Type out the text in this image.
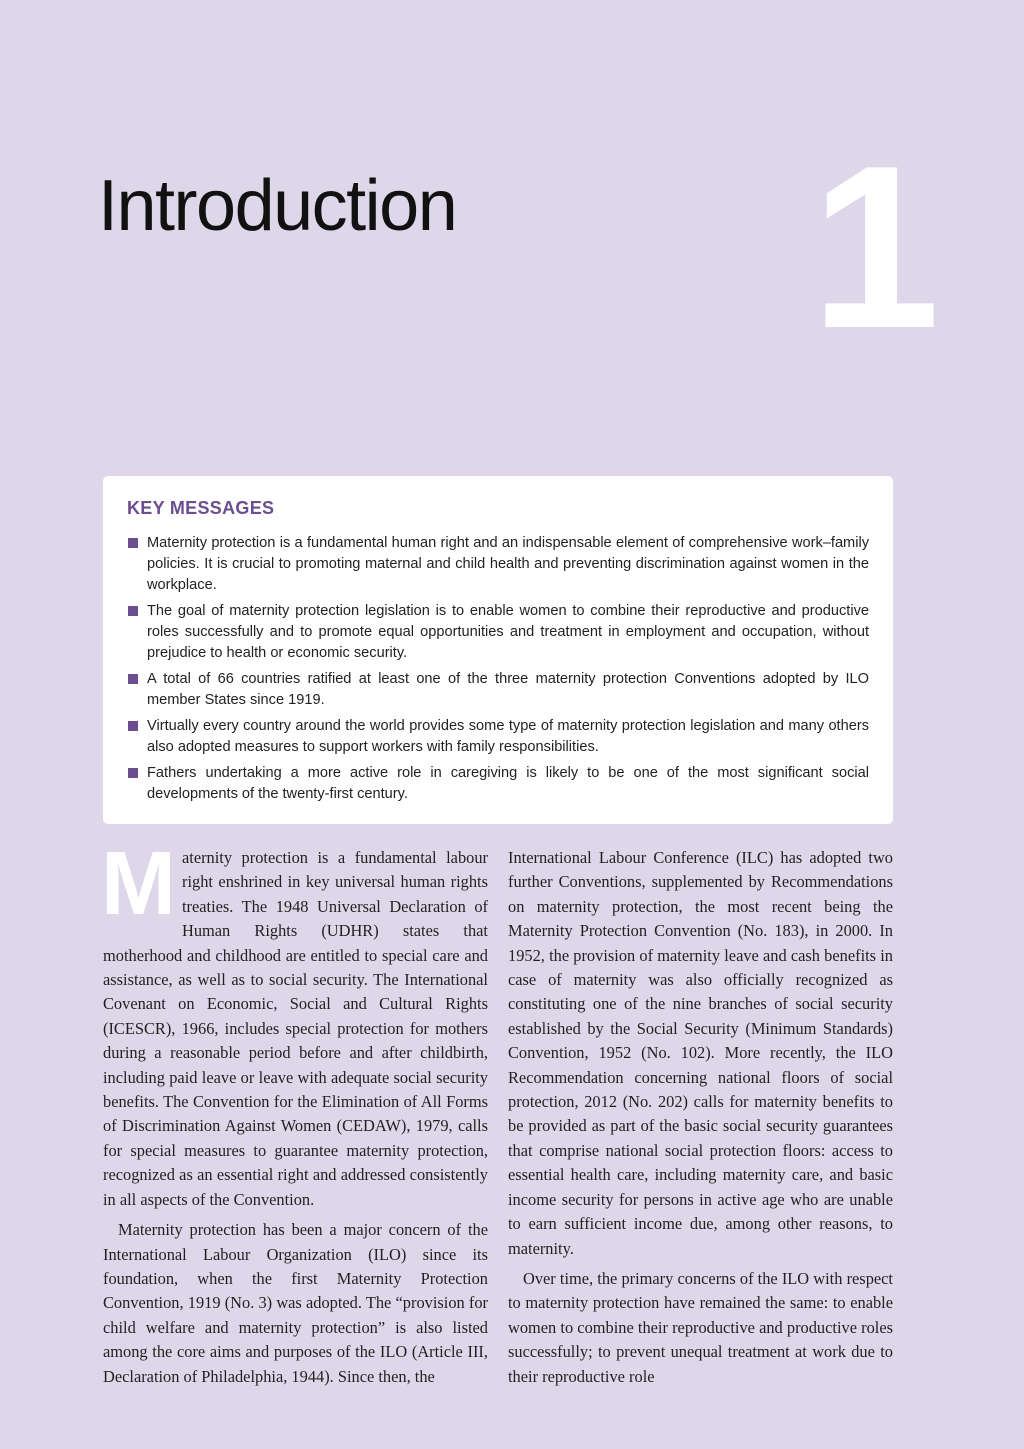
Introduction 1
KEY MESSAGES
Maternity protection is a fundamental human right and an indispensable element of comprehensive work–family policies. It is crucial to promoting maternal and child health and preventing discrimination against women in the workplace.
The goal of maternity protection legislation is to enable women to combine their reproductive and productive roles successfully and to promote equal opportunities and treatment in employment and occupation, without prejudice to health or economic security.
A total of 66 countries ratified at least one of the three maternity protection Conventions adopted by ILO member States since 1919.
Virtually every country around the world provides some type of maternity protection legislation and many others also adopted measures to support workers with family responsibilities.
Fathers undertaking a more active role in caregiving is likely to be one of the most significant social developments of the twenty-first century.

Maternity protection is a fundamental labour right enshrined in key universal human rights treaties. The 1948 Universal Declaration of Human Rights (UDHR) states that motherhood and childhood are entitled to special care and assistance, as well as to social security. The International Covenant on Economic, Social and Cultural Rights (ICESCR), 1966, includes special protection for mothers during a reasonable period before and after childbirth, including paid leave or leave with adequate social security benefits. The Convention for the Elimination of All Forms of Discrimination Against Women (CEDAW), 1979, calls for special measures to guarantee maternity protection, recognized as an essential right and addressed consistently in all aspects of the Convention.

Maternity protection has been a major concern of the International Labour Organization (ILO) since its foundation, when the first Maternity Protection Convention, 1919 (No. 3) was adopted. The “provision for child welfare and maternity protection” is also listed among the core aims and purposes of the ILO (Article III, Declaration of Philadelphia, 1944). Since then, the

International Labour Conference (ILC) has adopted two further Conventions, supplemented by Recommendations on maternity protection, the most recent being the Maternity Protection Convention (No. 183), in 2000. In 1952, the provision of maternity leave and cash benefits in case of maternity was also officially recognized as constituting one of the nine branches of social security established by the Social Security (Minimum Standards) Convention, 1952 (No. 102). More recently, the ILO Recommendation concerning national floors of social protection, 2012 (No. 202) calls for maternity benefits to be provided as part of the basic social security guarantees that comprise national social protection floors: access to essential health care, including maternity care, and basic income security for persons in active age who are unable to earn sufficient income due, among other reasons, to maternity.

Over time, the primary concerns of the ILO with respect to maternity protection have remained the same: to enable women to combine their reproductive and productive roles successfully; to prevent unequal treatment at work due to their reproductive role
